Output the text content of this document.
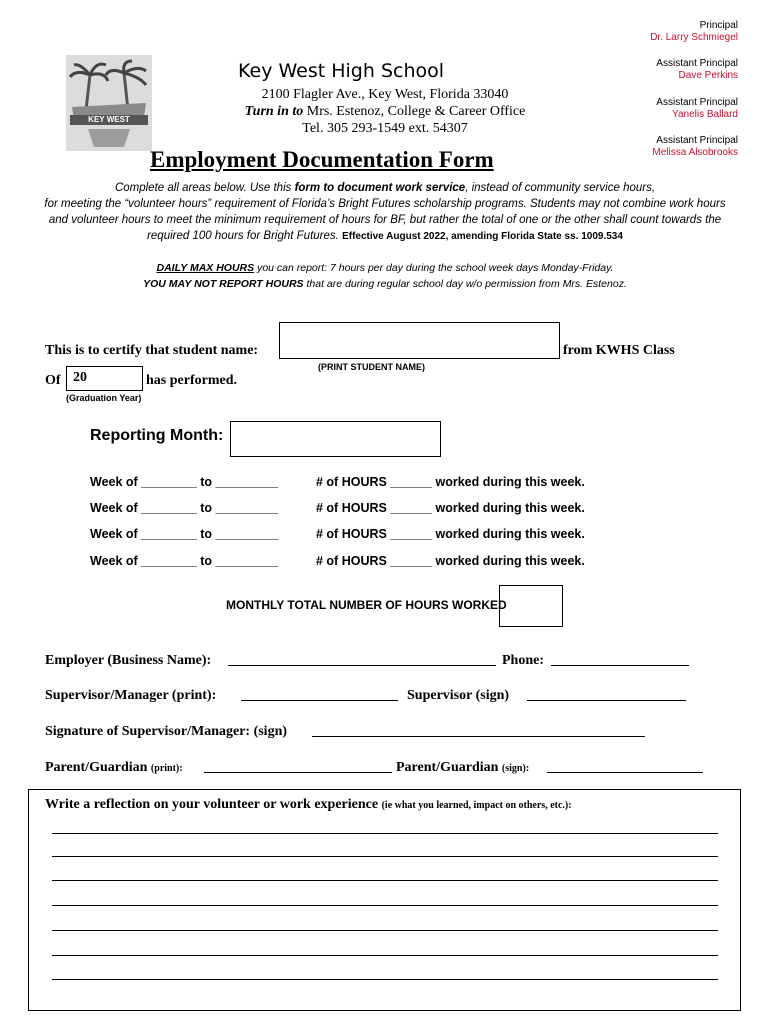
Principal
Dr. Larry Schmiegel
Assistant Principal
Dave Perkins
Assistant Principal
Yanelis Ballard
Assistant Principal
Melissa Alsobrooks
KEY WEST
Key West High School
2100 Flagler Ave., Key West, Florida 33040
Turn in to Mrs. Estenoz, College & Career Office
Tel. 305 293-1549 ext. 54307
Employment Documentation Form
Complete all areas below. Use this form to document work service, instead of community service hours,
for meeting the “volunteer hours” requirement of Florida’s Bright Futures scholarship programs. Students may not combine work hours
and volunteer hours to meet the minimum requirement of hours for BF, but rather the total of one or the other shall count towards the
required 100 hours for Bright Futures. Effective August 2022, amending Florida State ss. 1009.534
DAILY MAX HOURS you can report: 7 hours per day during the school week days Monday-Friday.
YOU MAY NOT REPORT HOURS that are during regular school day w/o permission from Mrs. Estenoz.
This is to certify that student name:
(PRINT STUDENT NAME)
from KWHS Class
Of 20	has performed.
(Graduation Year)
Reporting Month:
Week of ________ to _________	# of HOURS ______ worked during this week.
Week of ________ to _________	# of HOURS ______ worked during this week.
Week of ________ to _________	# of HOURS ______ worked during this week.
Week of ________ to _________	# of HOURS ______ worked during this week.
MONTHLY TOTAL NUMBER OF HOURS WORKED
Employer (Business Name):	Phone:
Supervisor/Manager (print):	Supervisor (sign)
Signature of Supervisor/Manager: (sign)
Parent/Guardian (print):	Parent/Guardian (sign):
Write a reflection on your volunteer or work experience (ie what you learned, impact on others, etc.):
